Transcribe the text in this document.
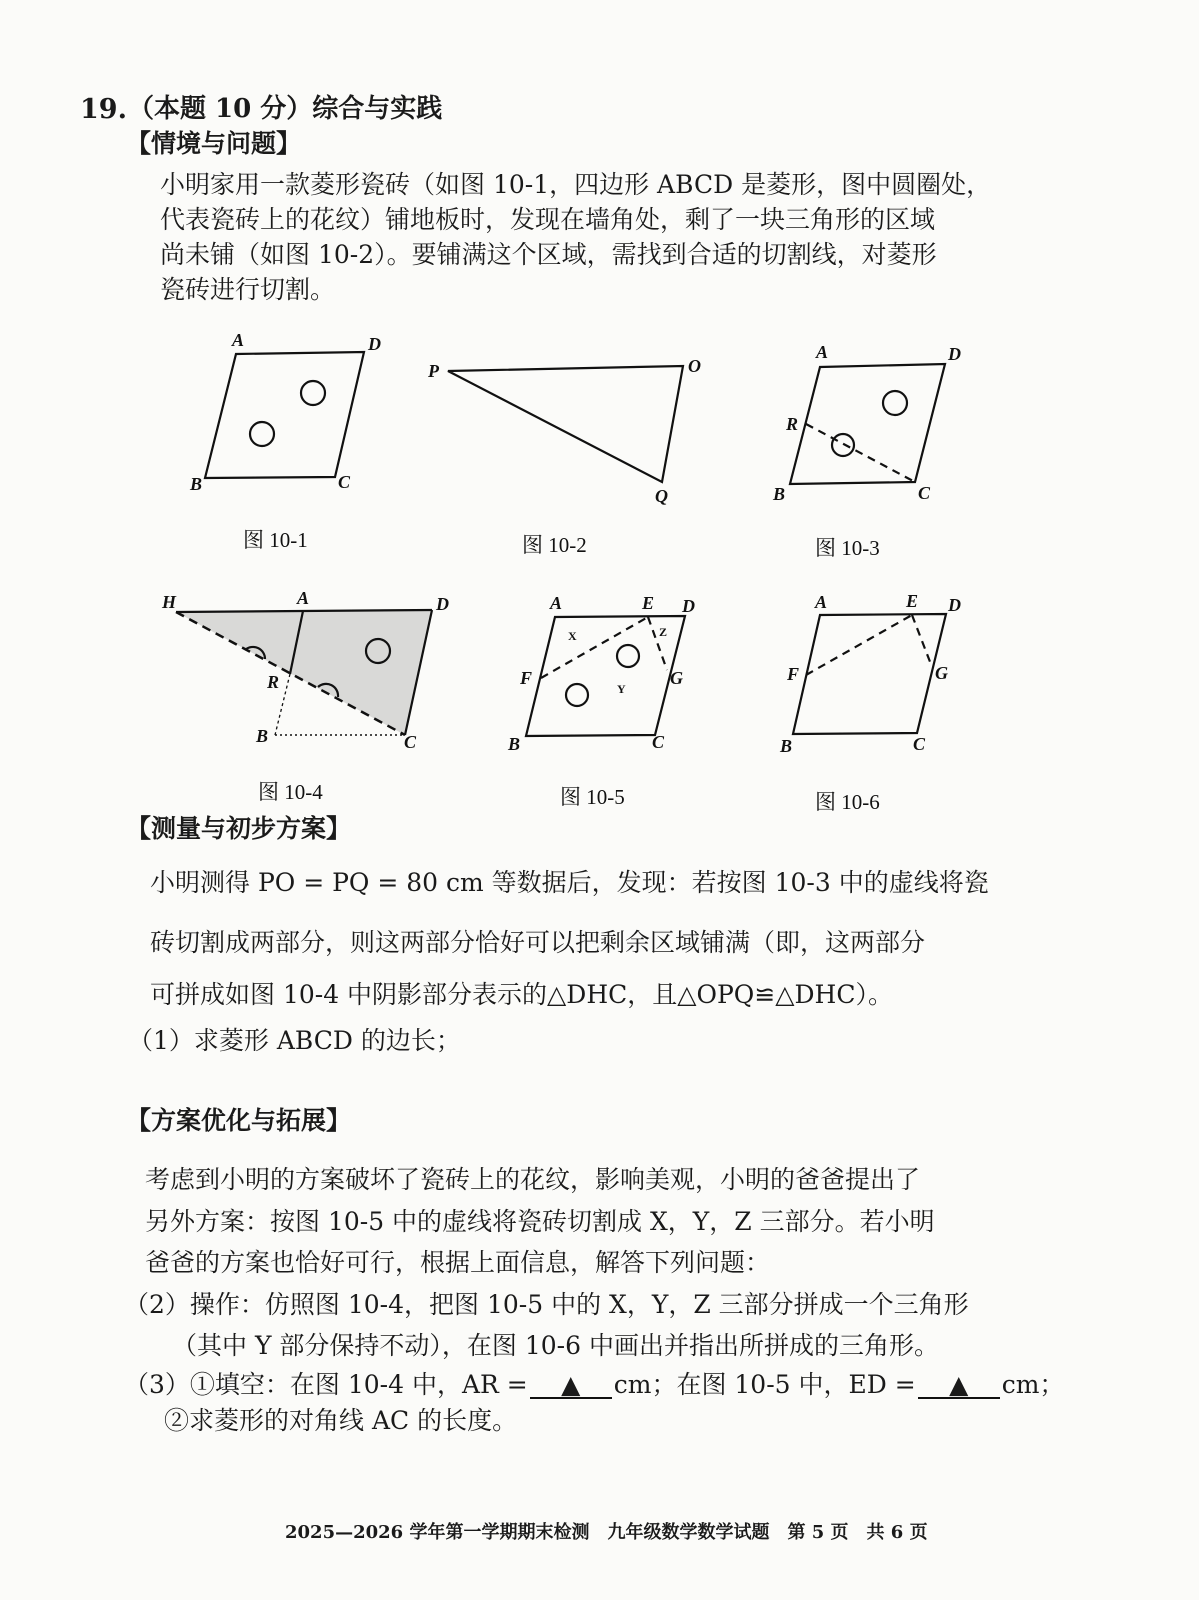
19. （本题 10 分）综合与实践
【情境与问题】
小明家用一款菱形瓷砖（如图 10-1，四边形 ABCD 是菱形，图中圆圈处，
代表瓷砖上的花纹）铺地板时，发现在墙角处，剩了一块三角形的区域
尚未铺（如图 10-2）。要铺满这个区域，需找到合适的切割线，对菱形
瓷砖进行切割。
A	D
B	C
图 10-1
P	O
Q
图 10-2
A	D
R
B	C
图 10-3
H	A	D
R
B	C
图 10-4
A	E D
F	G
B	C
X
Y
Z
图 10-5
A	E D
F	G
B	C
图 10-6
【测量与初步方案】
小明测得 PO = PQ = 80 cm 等数据后，发现：若按图 10-3 中的虚线将瓷
砖切割成两部分，则这两部分恰好可以把剩余区域铺满（即，这两部分
可拼成如图 10-4 中阴影部分表示的△DHC，且△OPQ≌△DHC）。
（1）求菱形 ABCD 的边长；
【方案优化与拓展】
考虑到小明的方案破坏了瓷砖上的花纹，影响美观，小明的爸爸提出了
另外方案：按图 10-5 中的虚线将瓷砖切割成 X，Y，Z 三部分。若小明
爸爸的方案也恰好可行，根据上面信息，解答下列问题：
（2）操作：仿照图 10-4，把图 10-5 中的 X，Y，Z 三部分拼成一个三角形
（其中 Y 部分保持不动），在图 10-6 中画出并指出所拼成的三角形。
（3）①填空：在图 10-4 中，AR = ▲ cm；在图 10-5 中，ED = ▲ cm；
②求菱形的对角线 AC 的长度。
2025—2026 学年第一学期期末检测　九年级数学数学试题　第 5 页　共 6 页
